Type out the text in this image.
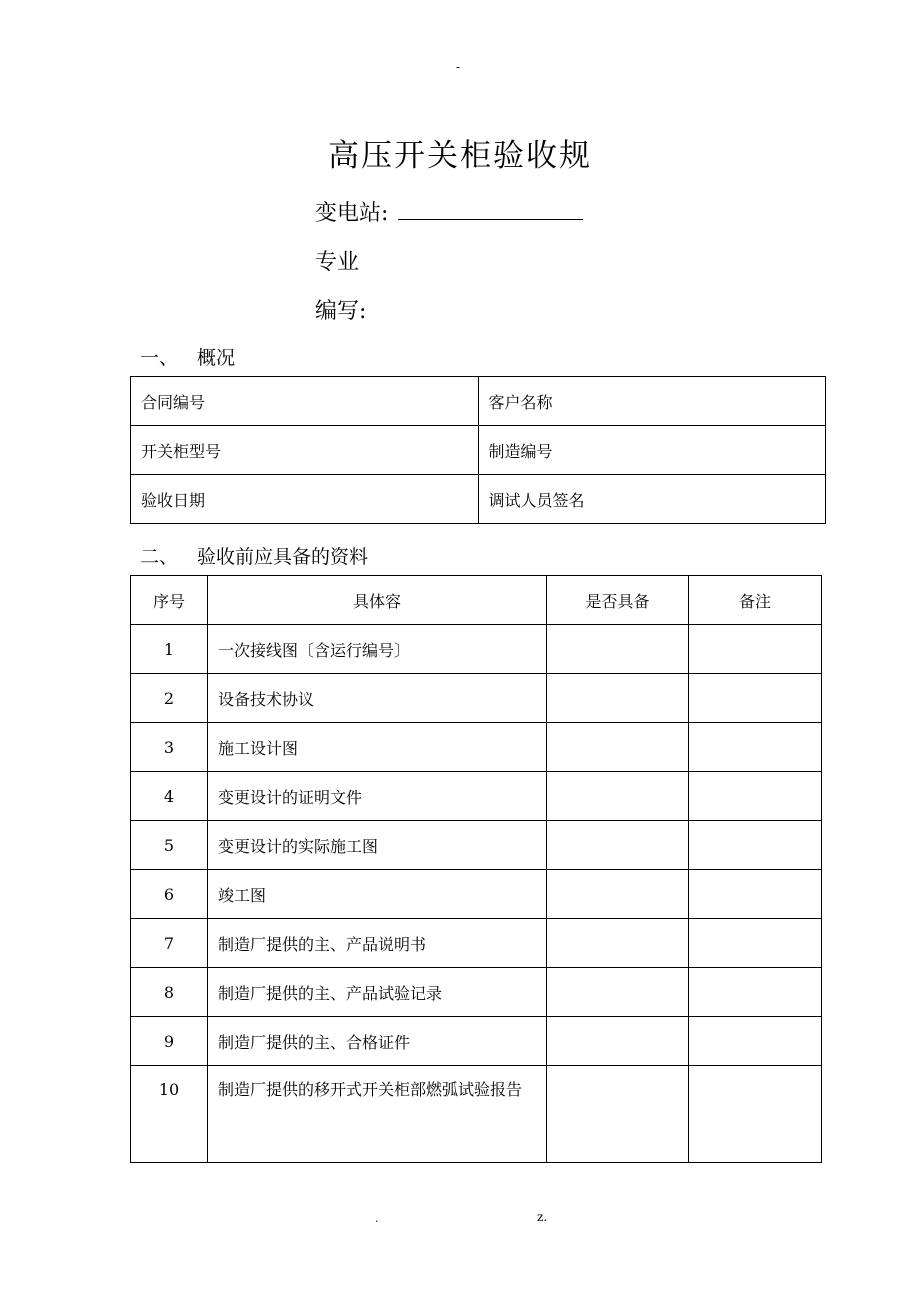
-
高压开关柜验收规
变电站:
专业
编写:
一、 概况
合同编号	客户名称
开关柜型号	制造编号
验收日期	调试人员签名
二、 验收前应具备的资料
序号	具体容	是否具备	备注
1	一次接线图〔含运行编号〕		
2	设备技术协议		
3	施工设计图		
4	变更设计的证明文件		
5	变更设计的实际施工图		
6	竣工图		
7	制造厂提供的主、产品说明书		
8	制造厂提供的主、产品试验记录		
9	制造厂提供的主、合格证件		
10	制造厂提供的移开式开关柜部燃弧试验报告		
.	z.
